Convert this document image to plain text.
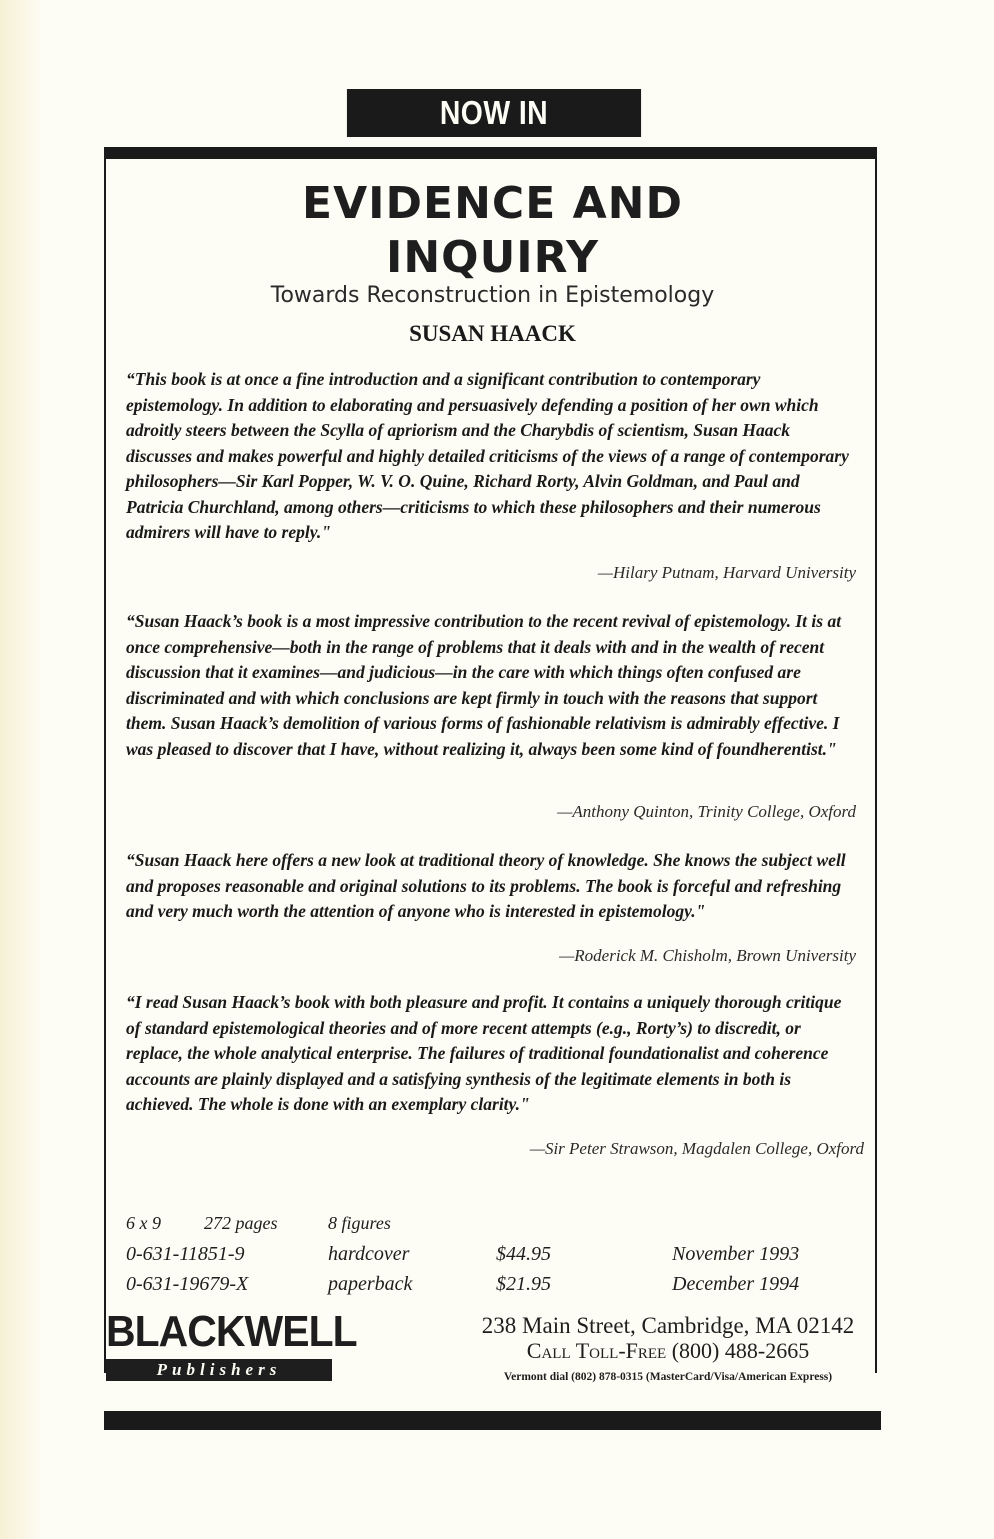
NOW IN PAPERBACK
EVIDENCE AND
INQUIRY
Towards Reconstruction in Epistemology
SUSAN HAACK

“This book is at once a fine introduction and a significant contribution to contemporary epistemology. In addition to elaborating and persuasively defending a position of her own which adroitly steers between the Scylla of apriorism and the Charybdis of scientism, Susan Haack discusses and makes powerful and highly detailed criticisms of the views of a range of contemporary philosophers—Sir Karl Popper, W. V. O. Quine, Richard Rorty, Alvin Goldman, and Paul and Patricia Churchland, among others—criticisms to which these philosophers and their numerous admirers will have to reply."

—Hilary Putnam, Harvard University

“Susan Haack’s book is a most impressive contribution to the recent revival of epistemology. It is at once comprehensive—both in the range of problems that it deals with and in the wealth of recent discussion that it examines—and judicious—in the care with which things often confused are discriminated and with which conclusions are kept firmly in touch with the reasons that support them. Susan Haack’s demolition of various forms of fashionable relativism is admirably effective. I was pleased to discover that I have, without realizing it, always been some kind of foundherentist."

—Anthony Quinton, Trinity College, Oxford

“Susan Haack here offers a new look at traditional theory of knowledge. She knows the subject well and proposes reasonable and original solutions to its problems. The book is forceful and refreshing and very much worth the attention of anyone who is interested in epistemology."

—Roderick M. Chisholm, Brown University

“I read Susan Haack’s book with both pleasure and profit. It contains a uniquely thorough critique of standard epistemological theories and of more recent attempts (e.g., Rorty’s) to discredit, or replace, the whole analytical enterprise. The failures of traditional foundationalist and coherence accounts are plainly displayed and a satisfying synthesis of the legitimate elements in both is achieved. The whole is done with an exemplary clarity."

—Sir Peter Strawson, Magdalen College, Oxford
6 x 9 272 pages	8 figures
0-631-11851-9	hardcover	$44.95	November 1993
0-631-19679-X	paperback	$21.95	December 1994
BLACKWELL
Publishers
238 Main Street, Cambridge, MA 02142
Call Toll-Free (800) 488-2665
Vermont dial (802) 878-0315 (MasterCard/Visa/American Express)
